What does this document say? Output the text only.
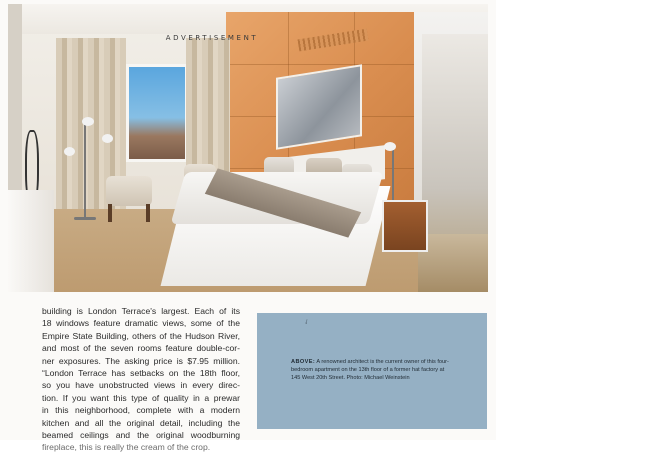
ADVERTISEMENT
building is London Terrace's largest. Each of its
18 windows feature dramatic views, some of the
Empire State Building, others of the Hudson River,
and most of the seven rooms feature double-cor-
ner exposures. The asking price is $7.95 million.
“London Terrace has setbacks on the 18th floor,
so you have unobstructed views in every direc-
tion. If you want this type of quality in a prewar
in this neighborhood, complete with a modern
kitchen and all the original detail, including the
beamed ceilings and the original woodburning
fireplace, this is really the cream of the crop.
✓
ABOVE: A renowned architect is the current owner of this four-
bedroom apartment on the 13th floor of a former hat factory at
145 West 20th Street. Photo: Michael Weinstein
